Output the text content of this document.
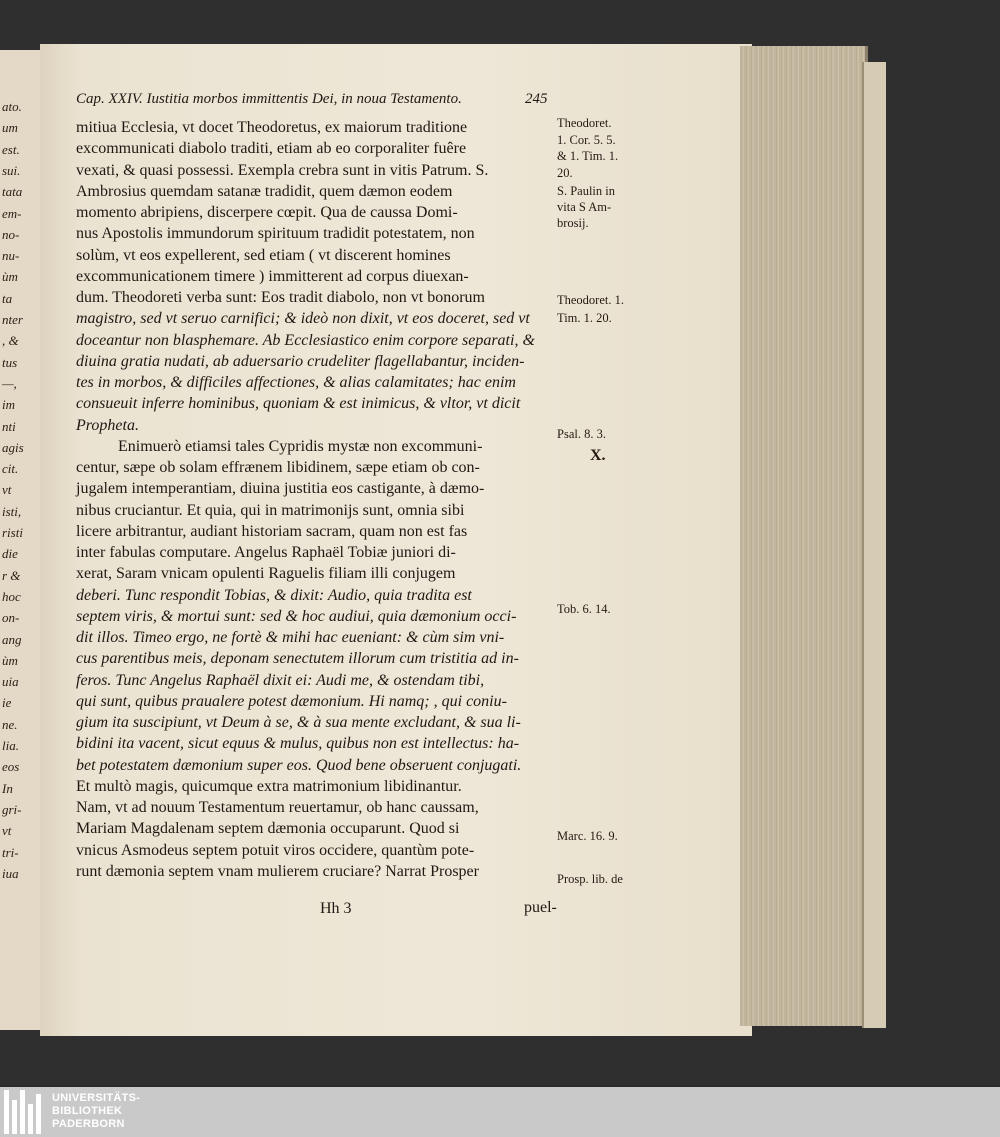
Cap. XXIV. Iustitia morbos immittentis Dei, in noua Testamento.	245
mitiua Ecclesia, vt docet Theodoretus, ex maiorum traditione
excommunicati diabolo traditi, etiam ab eo corporaliter fuêre
vexati, & quasi possessi. Exempla crebra sunt in vitis Patrum. S.
Ambrosius quemdam satanæ tradidit, quem dæmon eodem
momento abripiens, discerpere cœpit. Qua de caussa Domi-
nus Apostolis immundorum spirituum tradidit potestatem, non
solùm, vt eos expellerent, sed etiam ( vt discerent homines
excommunicationem timere ) immitterent ad corpus diuexan-
dum. Theodoreti verba sunt: Eos tradit diabolo, non vt bonorum
magistro, sed vt seruo carnifici; & ideò non dixit, vt eos doceret, sed vt
doceantur non blasphemare. Ab Ecclesiastico enim corpore separati, &
diuina gratia nudati, ab aduersario crudeliter flagellabantur, inciden-
tes in morbos, & difficiles affectiones, & alias calamitates; hac enim
consueuit inferre hominibus, quoniam & est inimicus, & vltor, vt dicit
Propheta.
Enimuerò etiamsi tales Cypridis mystæ non excommuni-
centur, sæpe ob solam effrænem libidinem, sæpe etiam ob con-
jugalem intemperantiam, diuina justitia eos castigante, à dæmo-
nibus cruciantur. Et quia, qui in matrimonijs sunt, omnia sibi
licere arbitrantur, audiant historiam sacram, quam non est fas
inter fabulas computare. Angelus Raphaël Tobiæ juniori di-
xerat, Saram vnicam opulenti Raguelis filiam illi conjugem
deberi. Tunc respondit Tobias, & dixit: Audio, quia tradita est
septem viris, & mortui sunt: sed & hoc audiui, quia dæmonium occi-
dit illos. Timeo ergo, ne fortè & mihi hac eueniant: & cùm sim vni-
cus parentibus meis, deponam senectutem illorum cum tristitia ad in-
feros. Tunc Angelus Raphaël dixit ei: Audi me, & ostendam tibi,
qui sunt, quibus praualere potest dæmonium. Hi namq; , qui coniu-
gium ita suscipiunt, vt Deum à se, & à sua mente excludant, & sua li-
bidini ita vacent, sicut equus & mulus, quibus non est intellectus: ha-
bet potestatem dæmonium super eos. Quod bene obseruent conjugati.
Et multò magis, quicumque extra matrimonium libidinantur.
Nam, vt ad nouum Testamentum reuertamur, ob hanc caussam,
Mariam Magdalenam septem dæmonia occuparunt. Quod si
vnicus Asmodeus septem potuit viros occidere, quantùm pote-
runt dæmonia septem vnam mulierem cruciare? Narrat Prosper
Theodoret.
1. Cor. 5. 5.
& 1. Tim. 1.
20.
S. Paulin in
vita S Am-
brosij.
Theodoret. 1.
Tim. 1. 20.
Psal. 8. 3.
X.
Tob. 6. 14.
Marc. 16. 9.
Prosp. lib. de
ato.
um
est.
sui.
tata
em-
no-
nu-
ùm
ta
nter
, &
tus
—,
im
nti
agis
cit.
vt
isti,
risti
die
r &
hoc
on-
ang
ùm
uia
ie
ne.
lia.
eos
In
gri-
vt
tri-
iua
Hh 3	puel-
UNIVERSITÄTS-
BIBLIOTHEK
PADERBORN
